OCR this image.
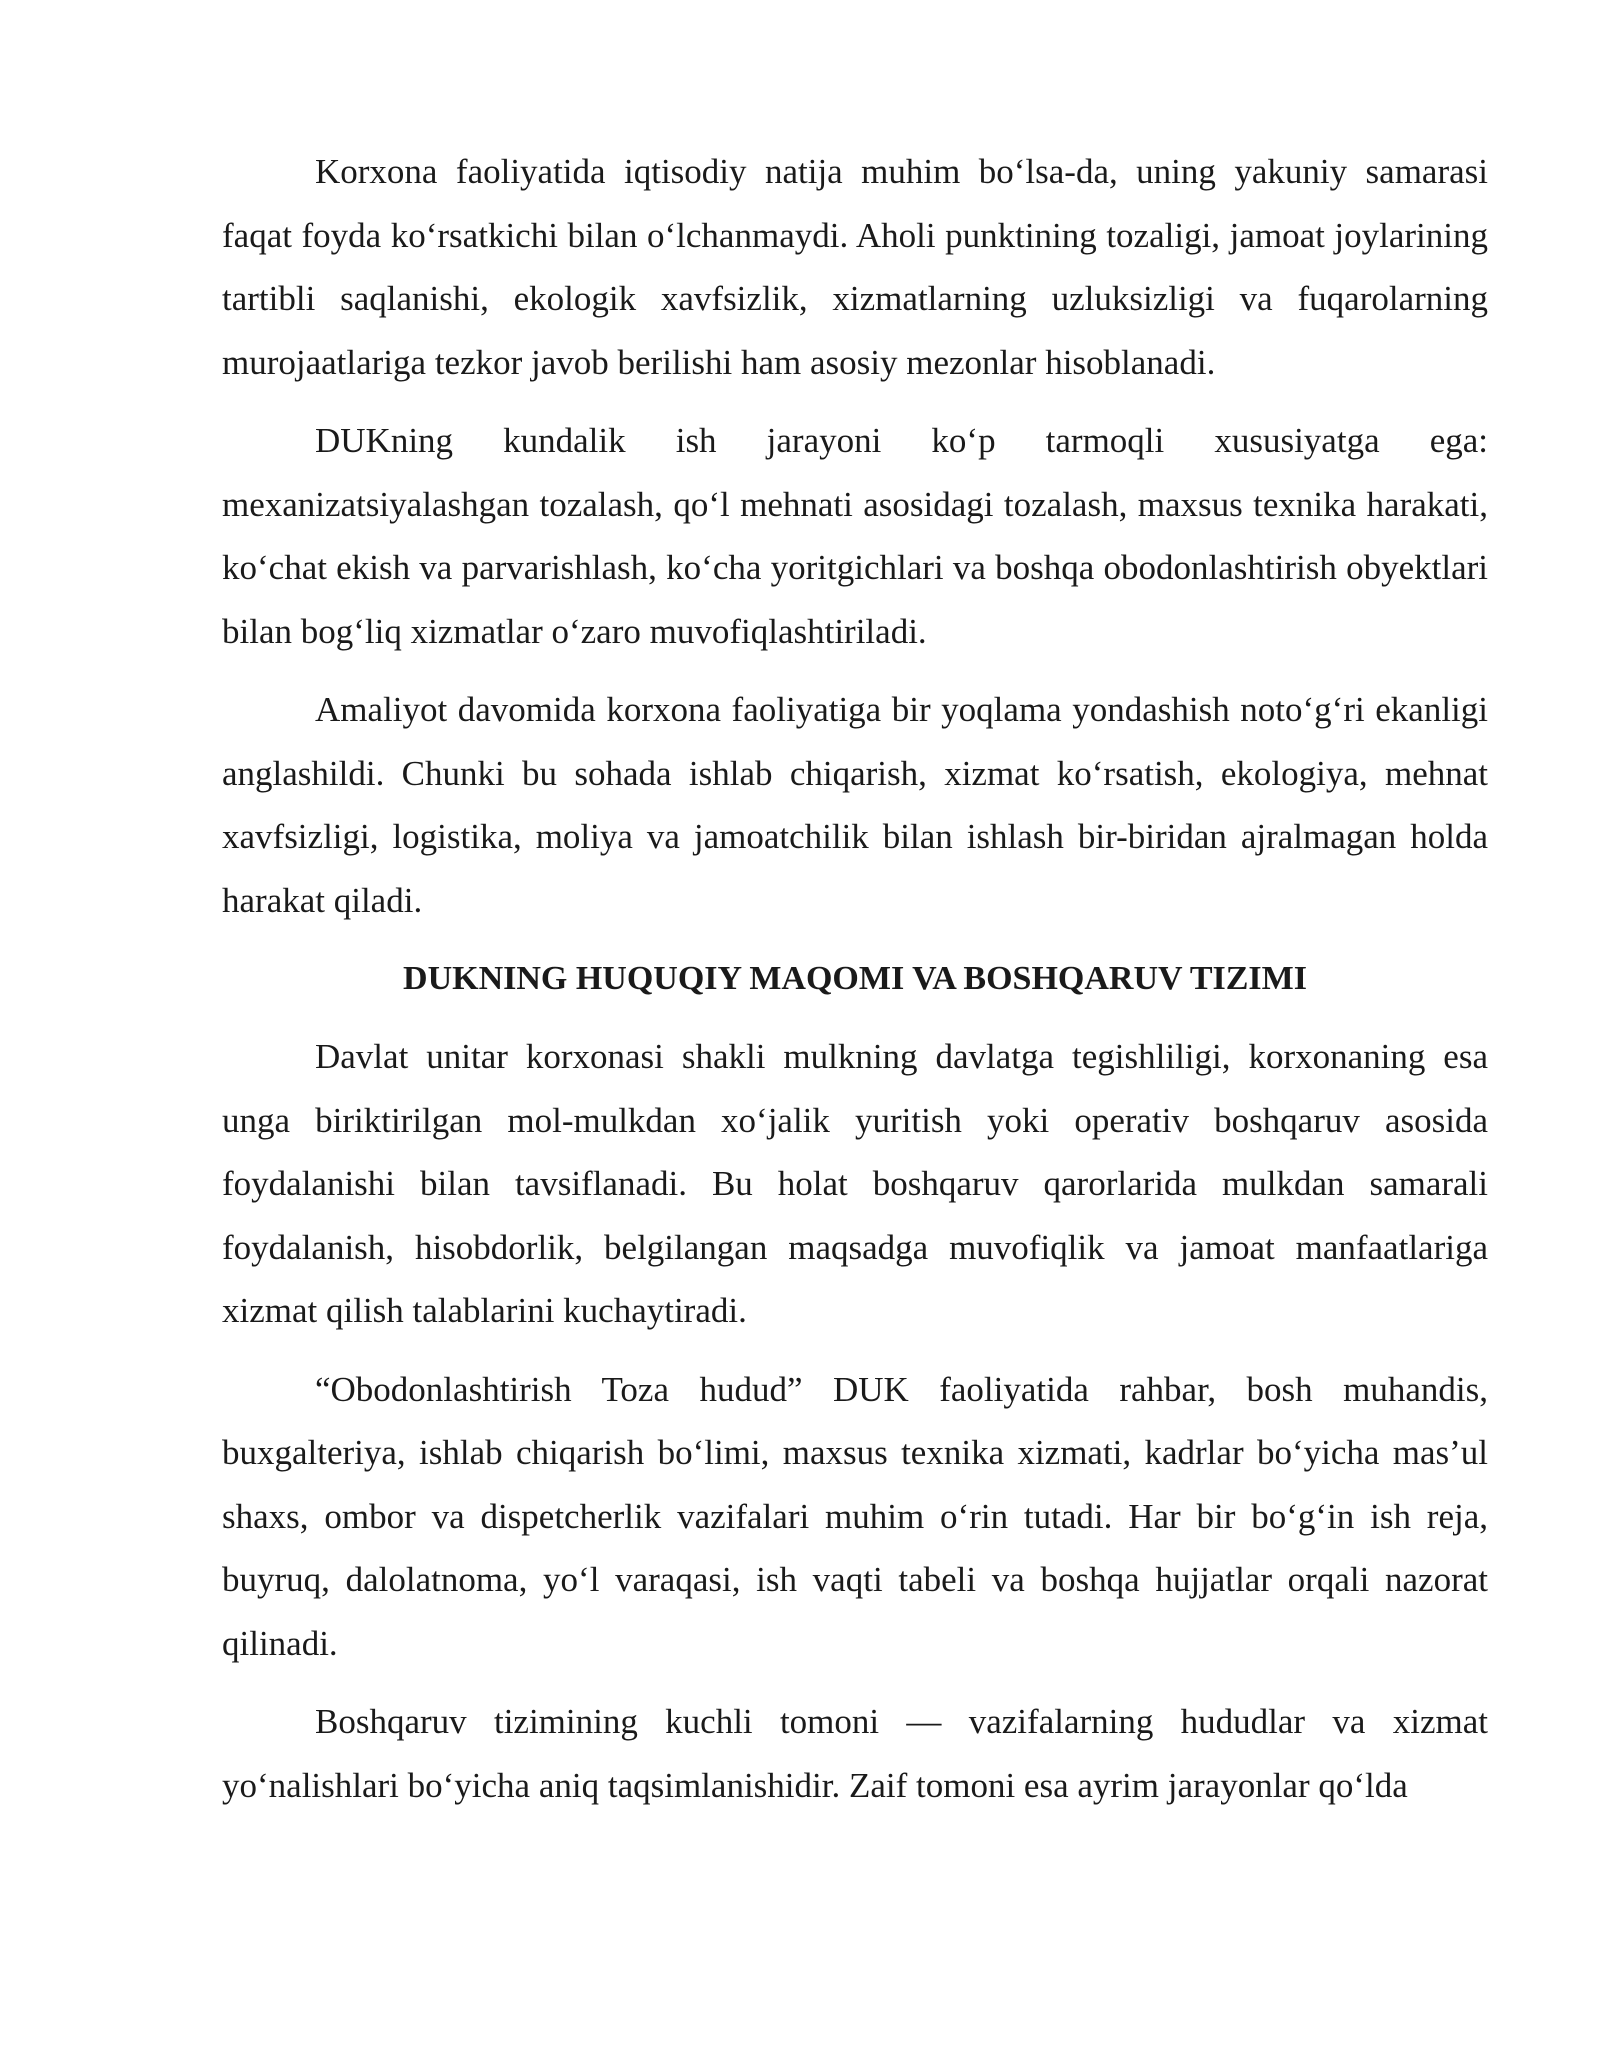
Korxona faoliyatida iqtisodiy natija muhim bo‘lsa-da, uning yakuniy samarasi faqat foyda ko‘rsatkichi bilan o‘lchanmaydi. Aholi punktining tozaligi, jamoat joylarining tartibli saqlanishi, ekologik xavfsizlik, xizmatlarning uzluksizligi va fuqarolarning murojaatlariga tezkor javob berilishi ham asosiy mezonlar hisoblanadi.

DUKning kundalik ish jarayoni ko‘p tarmoqli xususiyatga ega: mexanizatsiyalashgan tozalash, qo‘l mehnati asosidagi tozalash, maxsus texnika harakati, ko‘chat ekish va parvarishlash, ko‘cha yoritgichlari va boshqa obodonlashtirish obyektlari bilan bog‘liq xizmatlar o‘zaro muvofiqlashtiriladi.

Amaliyot davomida korxona faoliyatiga bir yoqlama yondashish noto‘g‘ri ekanligi anglashildi. Chunki bu sohada ishlab chiqarish, xizmat ko‘rsatish, ekologiya, mehnat xavfsizligi, logistika, moliya va jamoatchilik bilan ishlash bir-biridan ajralmagan holda harakat qiladi.

DUKNING HUQUQIY MAQOMI VA BOSHQARUV TIZIMI

Davlat unitar korxonasi shakli mulkning davlatga tegishliligi, korxonaning esa unga biriktirilgan mol-mulkdan xo‘jalik yuritish yoki operativ boshqaruv asosida foydalanishi bilan tavsiflanadi. Bu holat boshqaruv qarorlarida mulkdan samarali foydalanish, hisobdorlik, belgilangan maqsadga muvofiqlik va jamoat manfaatlariga xizmat qilish talablarini kuchaytiradi.

“Obodonlashtirish Toza hudud” DUK faoliyatida rahbar, bosh muhandis, buxgalteriya, ishlab chiqarish bo‘limi, maxsus texnika xizmati, kadrlar bo‘yicha mas’ul shaxs, ombor va dispetcherlik vazifalari muhim o‘rin tutadi. Har bir bo‘g‘in ish reja, buyruq, dalolatnoma, yo‘l varaqasi, ish vaqti tabeli va boshqa hujjatlar orqali nazorat qilinadi.

Boshqaruv tizimining kuchli tomoni — vazifalarning hududlar va xizmat yo‘nalishlari bo‘yicha aniq taqsimlanishidir. Zaif tomoni esa ayrim jarayonlar qo‘lda
